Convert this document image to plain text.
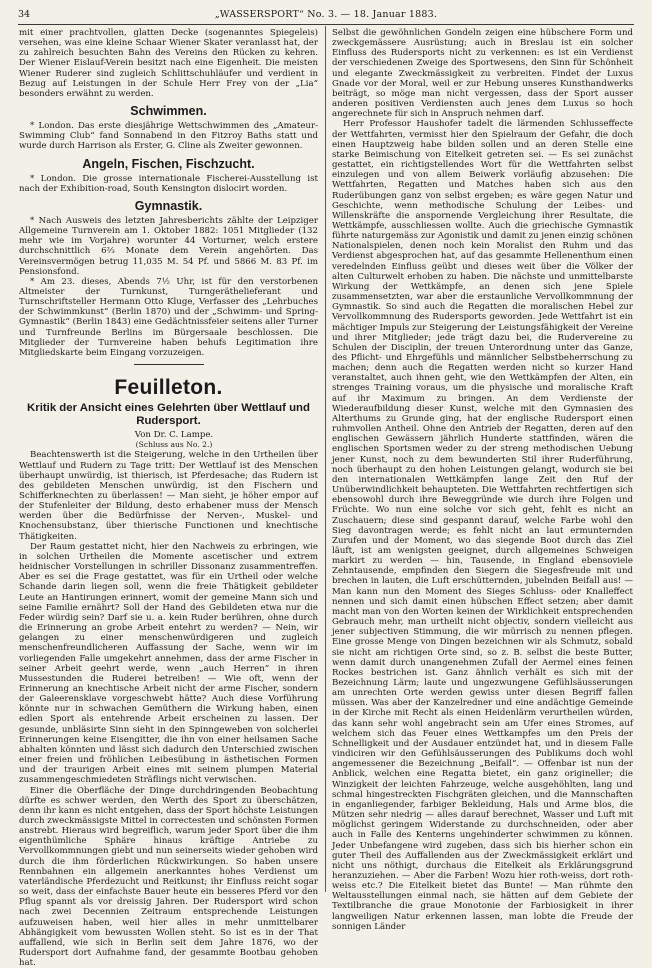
34	„WASSERSPORT“ No. 3. — 18. Januar 1883.

mit einer prachtvollen, glatten Decke (sogenanntes Spiegeleis) versehen, was eine kleine Schaar Wiener Skater veranlasst hat, der zu zahlreich besuchten Bahn des Vereins den Rücken zu kehren. Der Wiener Eislauf-Verein besitzt nach eine Eigenheit. Die meisten Wiener Ruderer sind zugleich Schlittschuhläufer und verdient in Bezug auf Leistungen in der Schule Herr Frey von der „Lia“ besonders erwähnt zu werden.

Schwimmen.

* London. Das erste diesjährige Wettschwimmen des „Amateur-Swimming Club“ fand Sonnabend in den Fitzroy Baths statt und wurde durch Harrison als Erster, G. Cline als Zweiter gewonnen.

Angeln, Fischen, Fischzucht.

* London. Die grosse internationale Fischerei-Ausstellung ist nach der Exhibition-road, South Kensington dislocirt worden.

Gymnastik.

* Nach Ausweis des letzten Jahresberichts zählte der Leipziger Allgemeine Turnverein am 1. Oktober 1882: 1051 Mitglieder (132 mehr wie im Vorjahre) worunter 44 Vorturner, welch erstere durchschnittlich 6⅔ Monate dem Verein angehörten. Das Vereinsvermögen betrug 11,035 M. 54 Pf. und 5866 M. 83 Pf. im Pensionsfond.

* Am 23. dieses, Abends 7½ Uhr, ist für den verstorbenen Altmeister der Turnkunst, Turngeräthelieferant und Turnschriftsteller Hermann Otto Kluge, Verfasser des „Lehrbuches der Schwimmkunst“ (Berlin 1870) und der „Schwimm- und Spring-Gymnastik“ (Berlin 1843) eine Gedächtnissfeier seitens aller Turner und Turnfreunde Berlins im Bürgersaale beschlossen. Die Mitglieder der Turnvereine haben behufs Legitimation ihre Mitgliedskarte beim Eingang vorzuzeigen.

Feuilleton.
Kritik der Ansicht eines Gelehrten über Wettlauf und Rudersport.

Von Dr. C. Lampe.

(Schluss aus No. 2.)

Beachtenswerth ist die Steigerung, welche in den Urtheilen über Wettlauf und Rudern zu Tage tritt: Der Wettlauf ist des Menschen überhaupt unwürdig, ist thierisch, ist Pferdesache; das Rudern ist des gebildeten Menschen unwürdig, ist den Fischern und Schifferknechten zu überlassen! — Man sieht, je höher empor auf der Stufenleiter der Bildung, desto erhabener muss der Mensch werden über die Bedürfnisse der Nerven-, Muskel- und Knochensubstanz, über thierische Functionen und knechtische Thätigkeiten.

Der Raum gestattet nicht, hier den Nachweis zu erbringen, wie in solchen Urtheilen die Momente ascetischer und extrem heidnischer Vorstellungen in schriller Dissonanz zusammentreffen. Aber es sei die Frage gestattet, was für ein Urtheil oder welche Schande darin liegen soll, wenn die freie Thätigkeit gebildeter Leute an Hantirungen erinnert, womit der gemeine Mann sich und seine Familie ernährt? Soll der Hand des Gebildeten etwa nur die Feder würdig sein? Darf sie u. a. kein Ruder berühren, ohne durch die Erinnerung an grobe Arbeit entehrt zu werden? — Nein, wir gelangen zu einer menschenwürdigeren und zugleich menschenfreundlicheren Auffassung der Sache, wenn wir im vorliegenden Falle umgekehrt annehmen, dass der arme Fischer in seiner Arbeit geehrt werde, wenn „auch Herren“ in ihren Mussestunden die Ruderei betreiben! — Wie oft, wenn der Erinnerung an knechtische Arbeit nicht der arme Fischer, sondern der Galeerensklave vorgeschwebt hätte? Auch diese Vorführung könnte nur in schwachen Gemüthern die Wirkung haben, einen edlen Sport als entehrende Arbeit erscheinen zu lassen. Der gesunde, unbläsirte Sinn sieht in den Spinngeweben von solcherlei Erinnerungen keine Eisengitter, die ihn von einer heilsamen Sache abhalten könnten und lässt sich dadurch den Unterschied zwischen einer freien und fröhlichen Leibesübung in ästhetischen Formen und der traurigen Arbeit eines mit seinem plumpen Material zusammengeschmiedeten Sträflings nicht verwischen.

Einer die Oberfläche der Dinge durchdringenden Beobachtung dürfte es schwer werden, den Werth des Sport zu überschätzen, denn ihr kann es nicht entgehen, dass der Sport höchste Leistungen durch zweckmässigste Mittel in correctesten und schönsten Formen anstrebt. Hieraus wird begreiflich, warum jeder Sport über die ihm eigenthümliche Sphäre hinaus kräftige Antriebe zu Vervollkommnungen giebt und nun seinerseits wieder gehoben wird durch die ihm förderlichen Rückwirkungen. So haben unsere Rennbahnen ein allgemein anerkanntes hohes Verdienst um vaterländische Pferdezucht und Reitkunst; ihr Einfluss reicht sogar so weit, dass der einfachste Bauer heute ein besseres Pferd vor den Pflug spannt als vor dreissig Jahren. Der Rudersport wird schon nach zwei Decennien Zeitraum entsprechende Leistungen aufzuweisen haben, weil hier alles in mehr unmittelbarer Abhängigkeit vom bewussten Wollen steht. So ist es in der That auffallend, wie sich in Berlin seit dem Jahre 1876, wo der Rudersport dort Aufnahme fand, der gesammte Bootbau gehoben hat.

Selbst die gewöhnlichen Gondeln zeigen eine hübschere Form und zweckgemässere Ausrüstung; auch in Breslau ist ein solcher Einfluss des Rudersports nicht zu verkennen: es ist ein Verdienst der verschiedenen Zweige des Sportwesens, den Sinn für Schönheit und elegante Zweckmässigkeit zu verbreiten. Findet der Luxus Gnade vor der Moral, weil er zur Hebung unseres Kunsthandwerks beiträgt, so möge man nicht vergessen, dass der Sport ausser anderen positiven Verdiensten auch jenes dem Luxus so hoch angerechnete für sich in Anspruch nehmen darf.

Herr Professor Haushofer tadelt die lärmenden Schlusseffecte der Wettfahrten, vermisst hier den Spielraum der Gefahr, die doch einen Hauptzweig habe bilden sollen und an deren Stelle eine starke Beimischung von Eitelkeit getreten sei. — Es sei zunächst gestattet, ein richtigstellendes Wort für die Wettfahrten selbst einzulegen und von allem Beiwerk vorläufig abzusehen: Die Wettfahrten, Regatten und Matches haben sich aus den Ruderübungen ganz von selbst ergeben; es wäre gegen Natur und Geschichte, wenn methodische Schulung der Leibes- und Willenskräfte die anspornende Vergleichung ihrer Resultate, die Wettkämpfe, ausschliessen wollte. Auch die griechische Gymnastik führte naturgemäss zur Agonistik und damit zu jenen einzig schönen Nationalspielen, denen noch kein Moralist den Ruhm und das Verdienst abgesprochen hat, auf das gesammte Hellenenthum einen veredelnden Einfluss geübt und dieses weit über die Völker der alten Culturwelt erhoben zu haben. Die nächste und unmittelbarste Wirkung der Wettkämpfe, an denen sich jene Spiele zusammensetzten, war aber die erstaunliche Vervollkommnung der Gymnastik. So sind auch die Regatten die moralischen Hebel zur Vervollkommnung des Rudersports geworden. Jede Wettfahrt ist ein mächtiger Impuls zur Steigerung der Leistungsfähigkeit der Vereine und ihrer Mitglieder; jede trägt dazu bei, die Rudervereine zu Schulen der Disciplin, der treuen Unterordnung unter das Ganze, des Pflicht- und Ehrgefühls und männlicher Selbstbeherrschung zu machen; denn auch die Regatten werden nicht so kurzer Hand veranstaltet, auch ihnen geht, wie den Wettkämpfen der Alten, ein strenges Training voraus, um die physische und moralische Kraft auf ihr Maximum zu bringen. An dem Verdienste der Wiederaufbildung dieser Kunst, welche mit den Gymnasien des Alterthums zu Grunde ging, hat der englische Rudersport einen ruhmvollen Antheil. Ohne den Antrieb der Regatten, deren auf den englischen Gewässern jährlich Hunderte stattfinden, wären die englischen Sportsmen weder zu der streng methodischen Uebung jener Kunst, noch zu dem bewunderten Stil ihrer Ruderführung, noch überhaupt zu den hohen Leistungen gelangt, wodurch sie bei den internationalen Wettkämpfen lange Zeit den Ruf der Unüberwindlichkeit behaupteten. Die Wettfahrten rechtfertigen sich ebensowohl durch ihre Beweggründe wie durch ihre Folgen und Früchte. Wo nun eine solche vor sich geht, fehlt es nicht an Zuschauern; diese sind gespannt darauf, welche Farbe wohl den Sieg davontragen werde; es fehlt nicht an laut ermunternden Zurufen und der Moment, wo das siegende Boot durch das Ziel läuft, ist am wenigsten geeignet, durch allgemeines Schweigen markirt zu werden — hin, Tausende, in England ebensoviele Zehntausende, empfinden den Siegern die Siegesfreude mit und brechen in lauten, die Luft erschütternden, jubelnden Beifall aus! — Man kann nun den Moment des Sieges Schluss- oder Knalleffect nennen und sich damit einen hübschen Effect setzen; aber damit macht man von den Worten keinen der Wirklichkeit entsprechenden Gebrauch mehr, man urtheilt nicht objectiv, sondern vielleicht aus jener subjectiven Stimmung, die wir mürrisch zu nennen pflegen. Eine grosse Menge von Dingen bezeichnen wir als Schmutz, sobald sie nicht am richtigen Orte sind, so z. B. selbst die beste Butter, wenn damit durch unangenehmen Zufall der Aermel eines feinen Rockes bestrichen ist. Ganz ähnlich verhält es sich mit der Bezeichnung Lärm; laute und ungezwungene Gefühlsäusserungen am unrechten Orte werden gewiss unter diesen Begriff fallen müssen. Was aber der Kanzelredner und eine andächtige Gemeinde in der Kirche mit Recht als einen Heidenlärm verurtheilen würden, das kann sehr wohl angebracht sein am Ufer eines Stromes, auf welchem sich das Feuer eines Wettkampfes um den Preis der Schnelligkeit und der Ausdauer entzündet hat, und in diesem Falle vindiciren wir den Gefühlsäusserungen des Publikums doch wohl angemessener die Bezeichnung „Beifall“. — Offenbar ist nun der Anblick, welchen eine Regatta bietet, ein ganz origineller; die Winzigkeit der leichten Fahrzeuge, welche ausgehöhlten, lang und schmal hingestreckten Fischgräten gleichen, und die Mannschaften in enganliegender, farbiger Bekleidung, Hals und Arme blos, die Mützen sehr niedrig — alles darauf berechnet, Wasser und Luft mit möglichst geringem Widerstande zu durchschneiden, oder aber auch in Falle des Kenterns ungehinderter schwimmen zu können. Jeder Unbefangene wird zugeben, dass sich bis hierher schon ein guter Theil des Auffallenden aus der Zweckmässigkeit erklärt und nicht uns nöthigt, durchaus die Eitelkeit als Erklärungsgrund heranzuziehen. — Aber die Farben! Wozu hier roth-weiss, dort roth-weiss etc.? Die Eitelkeit bietet das Bunte! — Man rühmte den Weltausstellungen einmal nach, sie hätten auf dem Gebiete der Textilbranche die graue Monotonie der Farbiosigkeit in ihrer langweiligen Natur erkennen lassen, man lobte die Freude der sonnigen Länder
